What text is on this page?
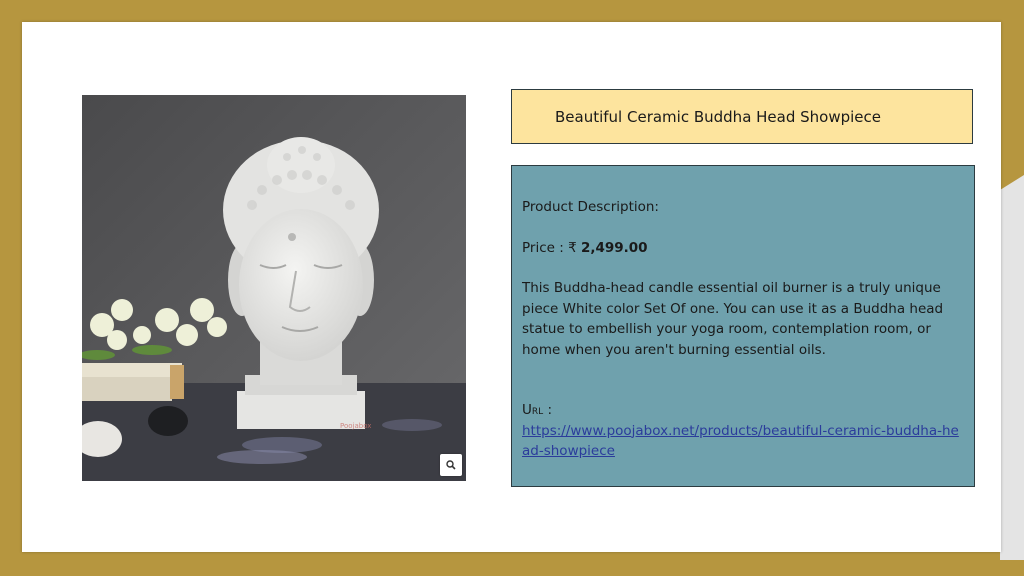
Poojabox
Beautiful Ceramic Buddha Head Showpiece

Product Description:

Price : ₹ 2,499.00

This Buddha-head candle essential oil burner is a truly unique piece White color Set Of one. You can use it as a Buddha head statue to embellish your yoga room, contemplation room, or home when you aren't burning essential oils.

Url :

https://www.poojabox.net/products/beautiful-ceramic-buddha-head-showpiece
